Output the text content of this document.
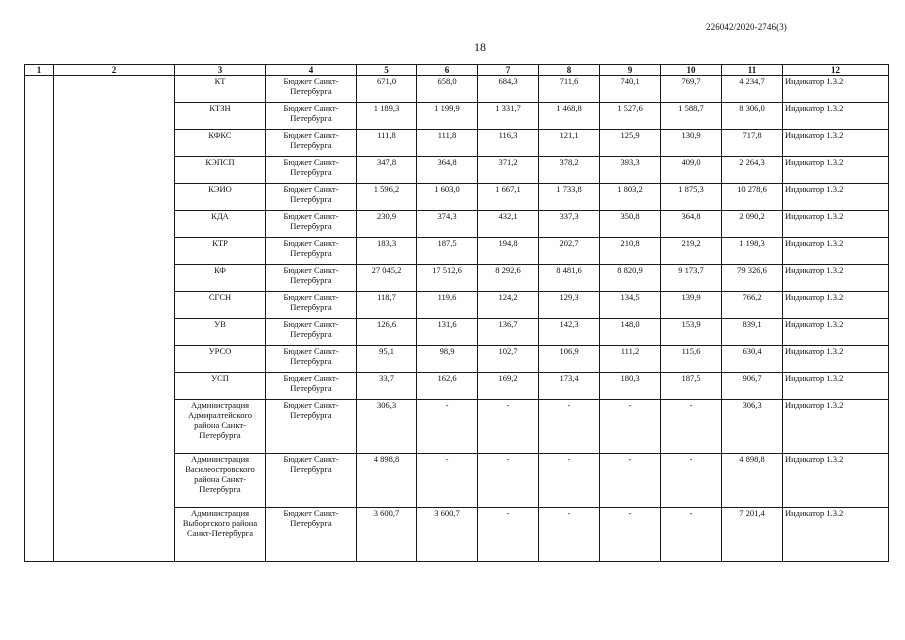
226042/2020-2746(3)
18
1	2	3	4	5	6	7	8	9	10	11	12
		КТ	Бюджет Санкт-Петербурга	671,0	658,0	684,3	711,6	740,1	769,7	4 234,7	Индикатор 1.3.2
		КТЗН	Бюджет Санкт-Петербурга	1 189,3	1 199,9	1 331,7	1 468,8	1 527,6	1 588,7	8 306,0	Индикатор 1.3.2
		КФКС	Бюджет Санкт-Петербурга	111,8	111,8	116,3	121,1	125,9	130,9	717,8	Индикатор 1.3.2
		КЭПСП	Бюджет Санкт-Петербурга	347,8	364,8	371,2	378,2	393,3	409,0	2 264,3	Индикатор 1.3.2
		КЭИО	Бюджет Санкт-Петербурга	1 596,2	1 603,0	1 667,1	1 733,8	1 803,2	1 875,3	10 278,6	Индикатор 1.3.2
		КДА	Бюджет Санкт-Петербурга	230,9	374,3	432,1	337,3	350,8	364,8	2 090,2	Индикатор 1.3.2
		КТР	Бюджет Санкт-Петербурга	183,3	187,5	194,8	202,7	210,8	219,2	1 198,3	Индикатор 1.3.2
		КФ	Бюджет Санкт-Петербурга	27 045,2	17 512,6	8 292,6	8 481,6	8 820,9	9 173,7	79 326,6	Индикатор 1.3.2
		СГСН	Бюджет Санкт-Петербурга	118,7	119,6	124,2	129,3	134,5	139,9	766,2	Индикатор 1.3.2
		УВ	Бюджет Санкт-Петербурга	126,6	131,6	136,7	142,3	148,0	153,9	839,1	Индикатор 1.3.2
		УРСО	Бюджет Санкт-Петербурга	95,1	98,9	102,7	106,9	111,2	115,6	630,4	Индикатор 1.3.2
		УСП	Бюджет Санкт-Петербурга	33,7	162,6	169,2	173,4	180,3	187,5	906,7	Индикатор 1.3.2
		Администрация Адмиралтейского района Санкт-Петербурга	Бюджет Санкт-Петербурга	306,3	-	-	-	-	-	306,3	Индикатор 1.3.2
		Администрация Василеостровского района Санкт-Петербурга	Бюджет Санкт-Петербурга	4 898,8	-	-	-	-	-	4 898,8	Индикатор 1.3.2
		Администрация Выборгского района Санкт-Петербурга	Бюджет Санкт-Петербурга	3 600,7	3 600,7	-	-	-	-	7 201,4	Индикатор 1.3.2
